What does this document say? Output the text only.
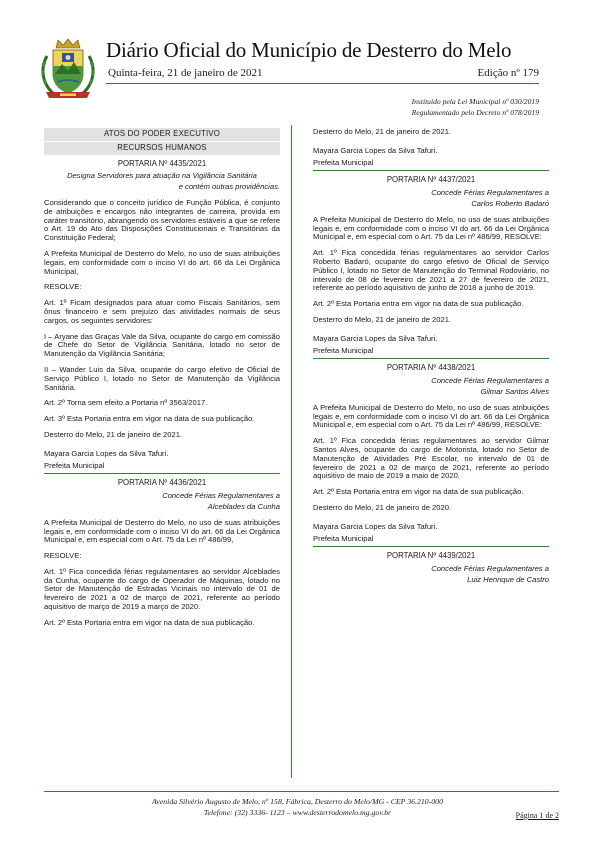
Diário Oficial do Município de Desterro do Melo
Quinta-feira, 21 de janeiro de 2021	Edição nº 179
Instituído pela Lei Municipal nº 030/2019
Regulamentado pelo Decreto nº 078/2019
ATOS DO PODER EXECUTIVO
RECURSOS HUMANOS
PORTARIA Nº 4435/2021
Designa Servidores para atuação na Vigilância Sanitária
e contém outras providências.
Considerando que o conceito jurídico de Função Pública, é conjunto de atribuições e encargos não integrantes de carreira, provida em caráter transitório, abrangendo os servidores estáveis a que se refere o Art. 19 do Ato das Disposições Constitucionais e Transitórias da Constituição Federal;
A Prefeita Municipal de Desterro do Melo, no uso de suas atribuições legais, em conformidade com o inciso VI do art. 66 da Lei Orgânica Municipal,
RESOLVE:
Art. 1º Ficam designados para atuar como Fiscais Sanitários, sem ônus financeiro e sem prejuízo das atividades normais de seus cargos, os seguintes servidores:
I – Aryane das Graças Vale da Silva, ocupante do cargo em comissão de Chefe do Setor de Vigilância Sanitária, lotado no setor de Manutenção da Vigilância Sanitária;
II – Wander Luis da Silva, ocupante do cargo efetivo de Oficial de Serviço Público I, lotado no Setor de Manutenção da Vigilância Sanitária.
Art. 2º Torna sem efeito a Portaria nº 3563/2017.
Art. 3º Esta Portaria entra em vigor na data de sua publicação.
Desterro do Melo, 21 de janeiro de 2021.
Mayara Garcia Lopes da Silva Tafuri.
Prefeita Municipal
PORTARIA Nº 4436/2021
Concede Férias Regulamentares a
Alceblades da Cunha
A Prefeita Municipal de Desterro do Melo, no uso de suas atribuições legais e, em conformidade com o inciso VI do art. 66 da Lei Orgânica Municipal e, em especial com o Art. 75 da Lei nº 486/99,
RESOLVE:
Art. 1º Fica concedida férias regulamentares ao servidor Alceblades da Cunha, ocupante do cargo de Operador de Máquinas, lotado no Setor de Manutenção de Estradas Vicinais no intervalo de 01 de fevereiro de 2021 a 02 de março de 2021, referente ao período aquisitivo de março de 2019 a março de 2020.
Art. 2º Esta Portaria entra em vigor na data de sua publicação.
Desterro do Melo, 21 de janeiro de 2021.
Mayara Garcia Lopes da Silva Tafuri.
Prefeita Municipal
PORTARIA Nº 4437/2021
Concede Férias Regulamentares a
Carlos Roberto Badaró
A Prefeita Municipal de Desterro do Melo, no uso de suas atribuições legais e, em conformidade com o inciso VI do art. 66 da Lei Orgânica Municipal e, em especial com o Art. 75 da Lei nº 486/99, RESOLVE:
Art. 1º Fica concedida férias regulamentares ao servidor Carlos Roberto Badaró, ocupante do cargo efetivo de Oficial de Serviço Público I, lotado no Setor de Manutenção do Terminal Rodoviário, no intervalo de 08 de fevereiro de 2021 a 27 de fevereiro de 2021, referente ao período aquisitivo de junho de 2018 a junho de 2019.
Art. 2º Esta Portaria entra em vigor na data de sua publicação.
Desterro do Melo, 21 de janeiro de 2021.
Mayara Garcia Lopes da Silva Tafuri.
Prefeita Municipal
PORTARIA Nº 4438/2021
Concede Férias Regulamentares a
Gilmar Santos Alves
A Prefeita Municipal de Desterro do Melo, no uso de suas atribuições legais e, em conformidade com o inciso VI do art. 66 da Lei Orgânica Municipal e, em especial com o Art. 75 da Lei nº 486/99, RESOLVE:
Art. 1º Fica concedida férias regulamentares ao servidor Gilmar Santos Alves, ocupante do cargo de Motorista, lotado no Setor de Manutenção de Atividades Pré Escolar, no intervalo de 01 de fevereiro de 2021 a 02 de março de 2021, referente ao período aquisitivo de maio de 2019 a maio de 2020.
Art. 2º Esta Portaria entra em vigor na data de sua publicação.
Desterro do Melo, 21 de janeiro de 2020.
Mayara Garcia Lopes da Silva Tafuri.
Prefeita Municipal
PORTARIA Nº 4439/2021
Concede Férias Regulamentares a
Luiz Henrique de Castro
Avenida Silvério Augusto de Melo, nº 158, Fábrica, Desterro do Melo/MG - CEP 36.210-000
Telefone: (32) 3336- 1123 – www.desterrodomelo.mg.gov.br	Página 1 de 2
